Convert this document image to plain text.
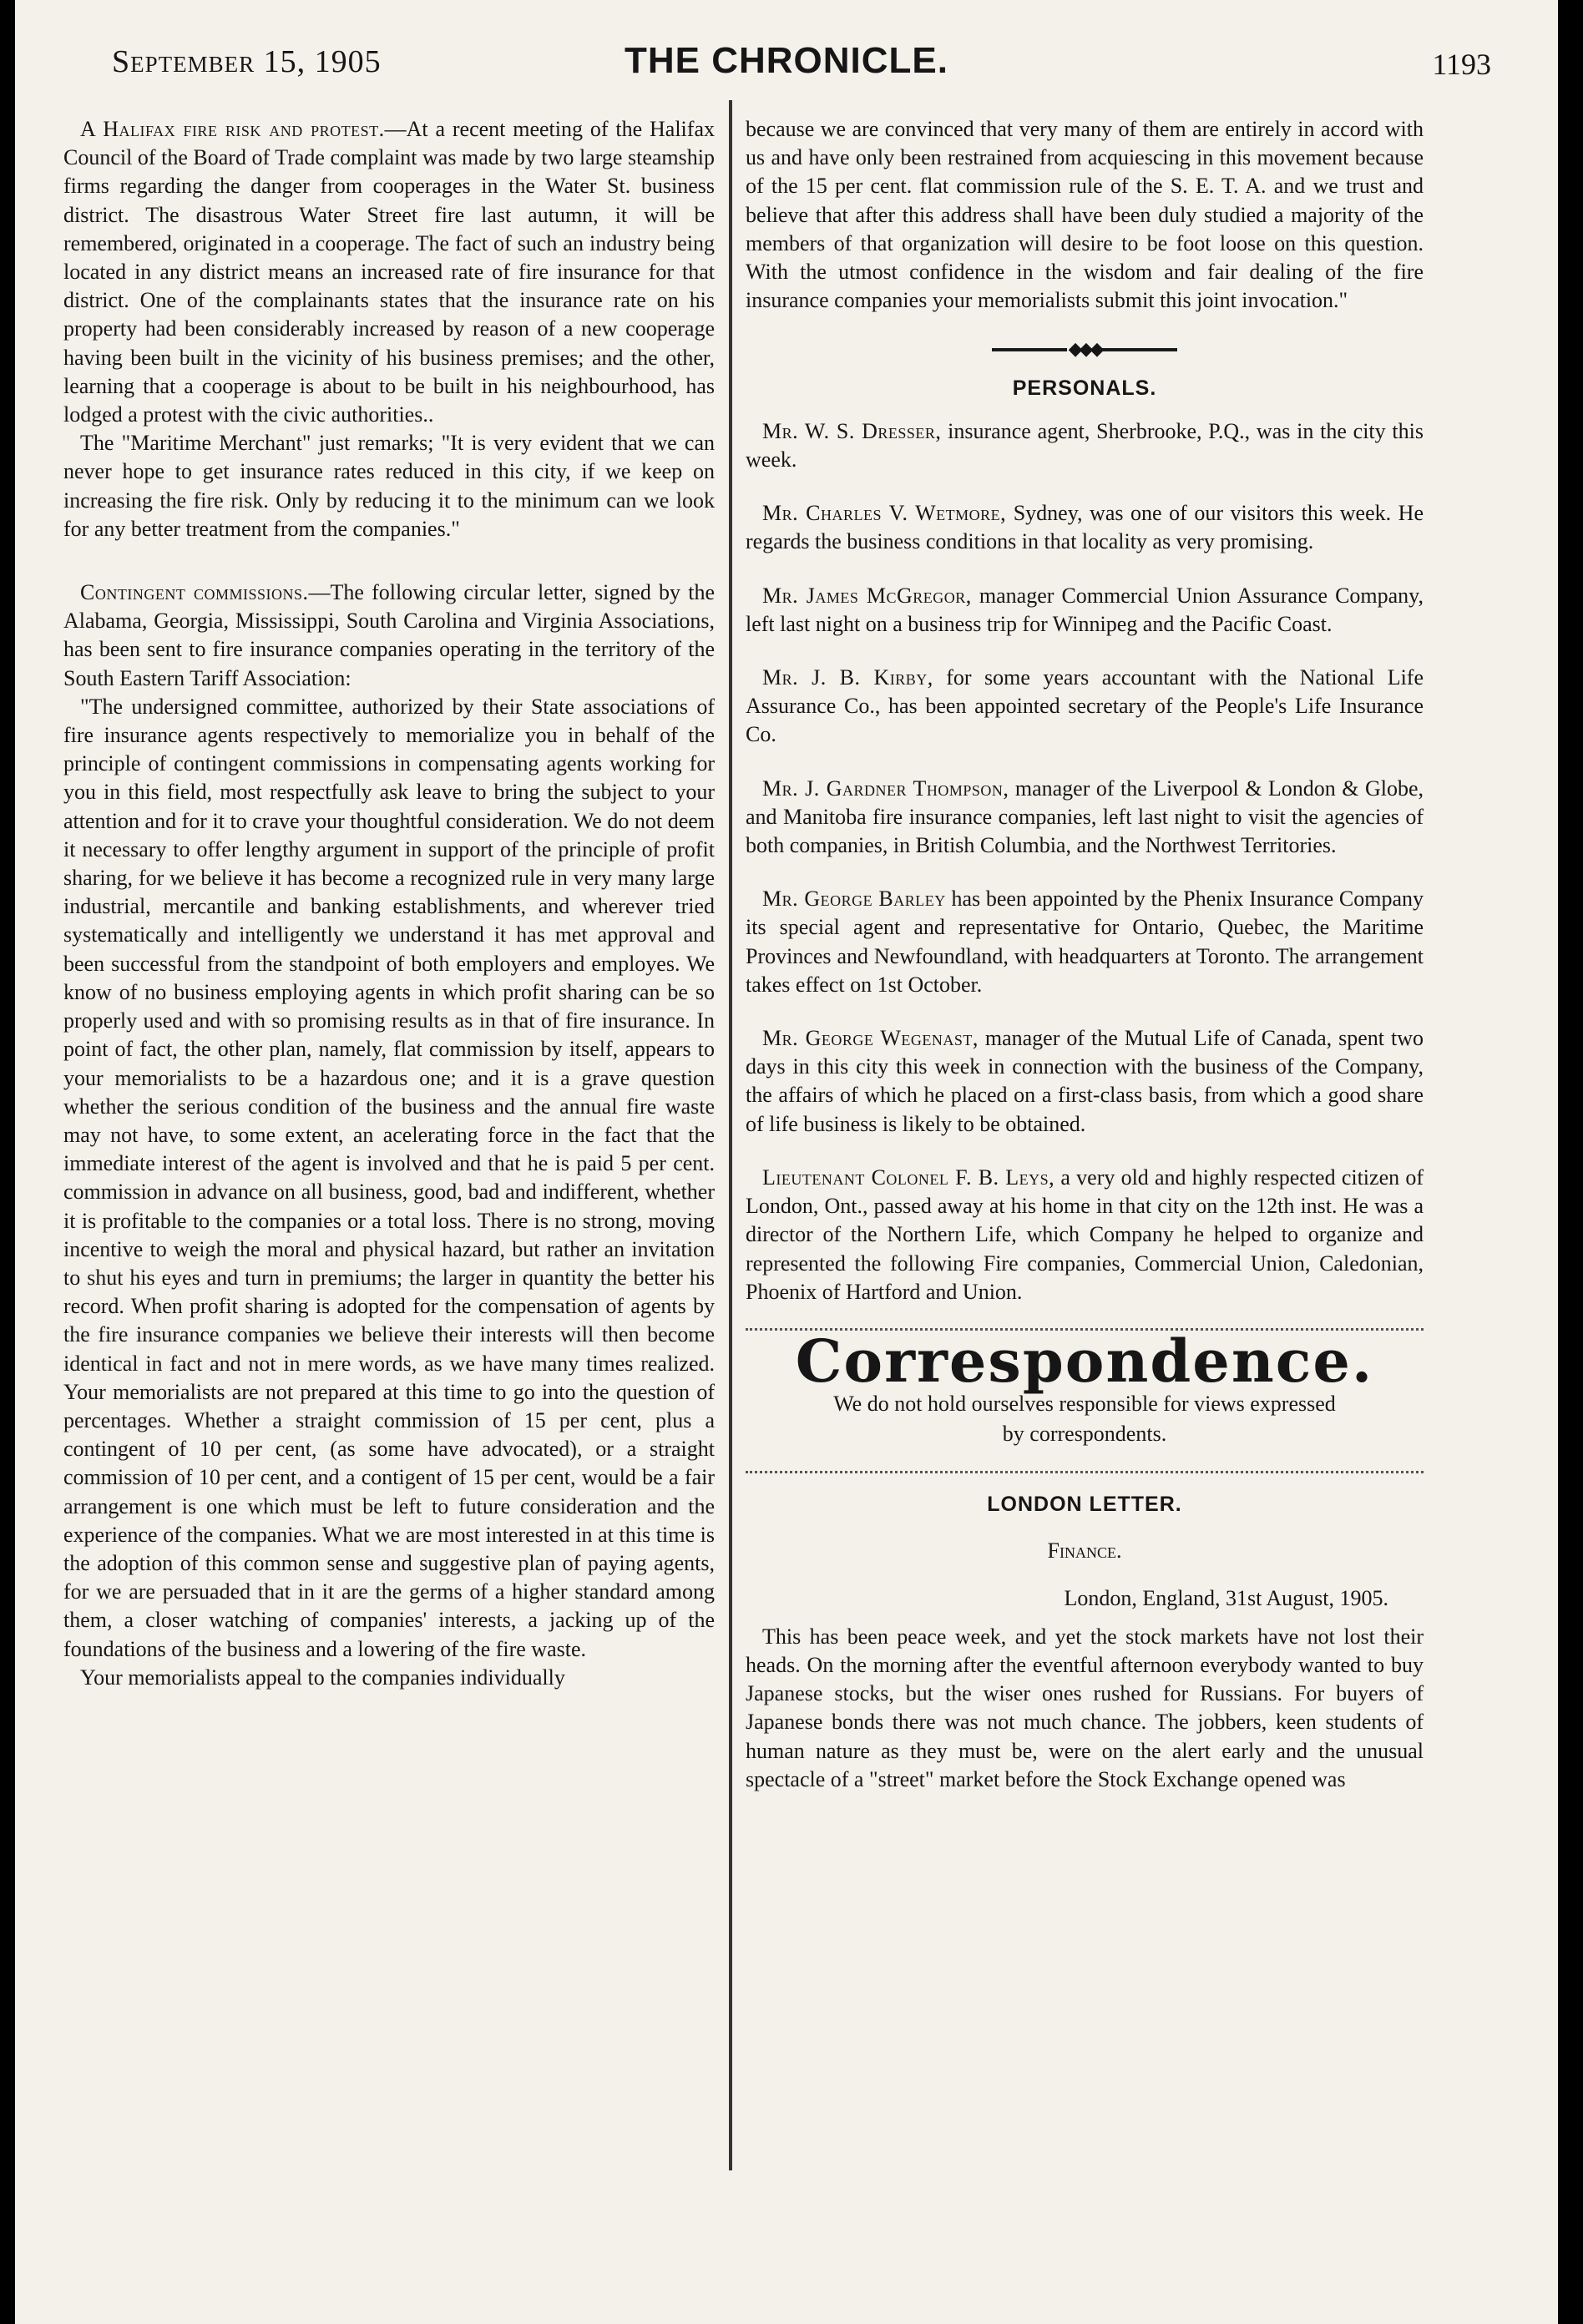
September 15, 1905	THE CHRONICLE.	1193

A Halifax fire risk and protest.—At a recent meeting of the Halifax Council of the Board of Trade complaint was made by two large steamship firms regarding the danger from cooperages in the Water St. business district. The disastrous Water Street fire last autumn, it will be remembered, originated in a cooperage. The fact of such an industry being located in any district means an increased rate of fire insurance for that district. One of the complainants states that the insurance rate on his property had been considerably increased by reason of a new cooperage having been built in the vicinity of his business premises; and the other, learning that a cooperage is about to be built in his neighbourhood, has lodged a protest with the civic authorities..

The "Maritime Merchant" just remarks; "It is very evident that we can never hope to get insurance rates reduced in this city, if we keep on increasing the fire risk. Only by reducing it to the minimum can we look for any better treatment from the companies."

Contingent commissions.—The following circular letter, signed by the Alabama, Georgia, Mississippi, South Carolina and Virginia Associations, has been sent to fire insurance companies operating in the territory of the South Eastern Tariff Association:

"The undersigned committee, authorized by their State associations of fire insurance agents respectively to memorialize you in behalf of the principle of contingent commissions in compensating agents working for you in this field, most respectfully ask leave to bring the subject to your attention and for it to crave your thoughtful consideration. We do not deem it necessary to offer lengthy argument in support of the principle of profit sharing, for we believe it has become a recognized rule in very many large industrial, mercantile and banking establishments, and wherever tried systematically and intelligently we understand it has met approval and been successful from the standpoint of both employers and employes. We know of no business employing agents in which profit sharing can be so properly used and with so promising results as in that of fire insurance. In point of fact, the other plan, namely, flat commission by itself, appears to your memorialists to be a hazardous one; and it is a grave question whether the serious condition of the business and the annual fire waste may not have, to some extent, an acelerating force in the fact that the immediate interest of the agent is involved and that he is paid 5 per cent. commission in advance on all business, good, bad and indifferent, whether it is profitable to the companies or a total loss. There is no strong, moving incentive to weigh the moral and physical hazard, but rather an invitation to shut his eyes and turn in premiums; the larger in quantity the better his record. When profit sharing is adopted for the compensation of agents by the fire insurance companies we believe their interests will then become identical in fact and not in mere words, as we have many times realized. Your memorialists are not prepared at this time to go into the question of percentages. Whether a straight commission of 15 per cent, plus a contingent of 10 per cent, (as some have advocated), or a straight commission of 10 per cent, and a contigent of 15 per cent, would be a fair arrangement is one which must be left to future consideration and the experience of the companies. What we are most interested in at this time is the adoption of this common sense and suggestive plan of paying agents, for we are persuaded that in it are the germs of a higher standard among them, a closer watching of companies' interests, a jacking up of the foundations of the business and a lowering of the fire waste.

Your memorialists appeal to the companies individually

because we are convinced that very many of them are entirely in accord with us and have only been restrained from acquiescing in this movement because of the 15 per cent. flat commission rule of the S. E. T. A. and we trust and believe that after this address shall have been duly studied a majority of the members of that organization will desire to be foot loose on this question. With the utmost confidence in the wisdom and fair dealing of the fire insurance companies your memorialists submit this joint invocation."

◆◆◆
PERSONALS.

Mr. W. S. Dresser, insurance agent, Sherbrooke, P.Q., was in the city this week.

Mr. Charles V. Wetmore, Sydney, was one of our visitors this week. He regards the business conditions in that locality as very promising.

Mr. James McGregor, manager Commercial Union Assurance Company, left last night on a business trip for Winnipeg and the Pacific Coast.

Mr. J. B. Kirby, for some years accountant with the National Life Assurance Co., has been appointed secretary of the People's Life Insurance Co.

Mr. J. Gardner Thompson, manager of the Liverpool & London & Globe, and Manitoba fire insurance companies, left last night to visit the agencies of both companies, in British Columbia, and the Northwest Territories.

Mr. George Barley has been appointed by the Phenix Insurance Company its special agent and representative for Ontario, Quebec, the Maritime Provinces and Newfoundland, with headquarters at Toronto. The arrangement takes effect on 1st October.

Mr. George Wegenast, manager of the Mutual Life of Canada, spent two days in this city this week in connection with the business of the Company, the affairs of which he placed on a first-class basis, from which a good share of life business is likely to be obtained.

Lieutenant Colonel F. B. Leys, a very old and highly respected citizen of London, Ont., passed away at his home in that city on the 12th inst. He was a director of the Northern Life, which Company he helped to organize and represented the following Fire companies, Commercial Union, Caledonian, Phoenix of Hartford and Union.

Correspondence.
We do not hold ourselves responsible for views expressed
by correspondents.
LONDON LETTER.
Finance.
London, England, 31st August, 1905.

This has been peace week, and yet the stock markets have not lost their heads. On the morning after the eventful afternoon everybody wanted to buy Japanese stocks, but the wiser ones rushed for Russians. For buyers of Japanese bonds there was not much chance. The jobbers, keen students of human nature as they must be, were on the alert early and the unusual spectacle of a "street" market before the Stock Exchange opened was
